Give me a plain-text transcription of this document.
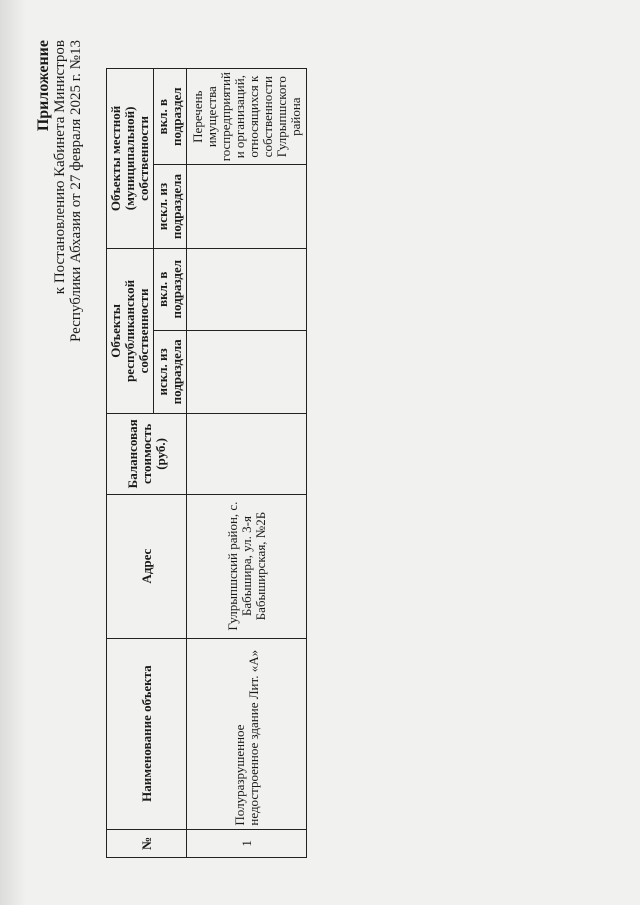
Приложение к Постановлению Кабинета Министров Республики Абхазия от 27 февраля 2025 г. №13
№	Наименование объекта	Адрес	Балансовая стоимость (руб.)	Объекты республиканской собственности		Объекты местной (муниципальной) собственности	
				искл. из подраздела	вкл. в подраздел	искл. из подраздела	вкл. в подраздел
1	Полуразрушенное недостроенное здание Лит. «А»	Гулрыпшский район, с. Бабышира, ул. 3-я Бабыширская, №2Б					Перечень имущества госпредприятий и организаций, относящихся к собственности Гулрыпшского района
